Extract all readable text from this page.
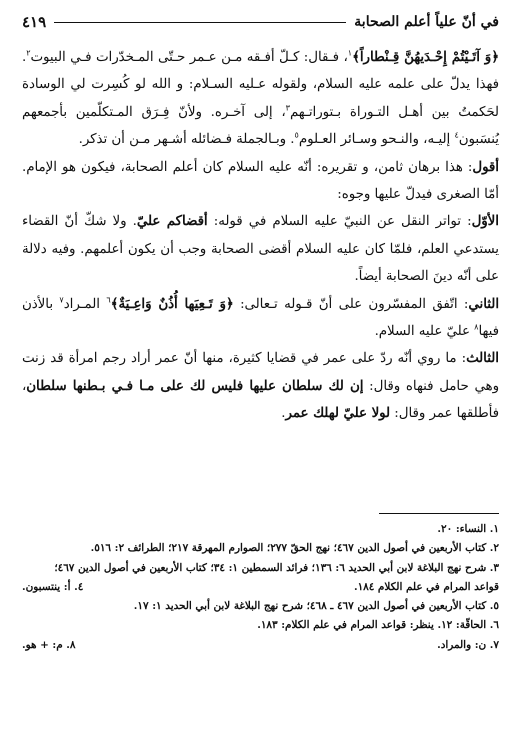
في أنّ علياً أعلم الصحابة
٤١٩

﴿وَ آتَـيْتُمْ إِحْـدَيهُنَّ قِـنْطاراً﴾$^١$، فـقال: كـلّ أفـقه مـن عـمر حـتّى المـخدّرات فـي البيوت$^٢$. فهذا يدلّ على علمه عليه السلام، ولقوله عـليه السـلام: و الله لو كُسِرت لي الوسادة لحَكمتُ بين أهـل التـوراة بـتوراتـهم$^٣$، إلى آخـره. ولأنّ فِـرَق المـتكلّمين بأجمعهم يُنسَبون$^٤$ إليـه، والنـحو وسـائر العـلوم$^٥$. وبـالجملة فـضائله أشـهر مـن أن تذكر.

أقول: هذا برهان ثامن، و تقريره: أنّه عليه السلام كان أعلم الصحابة، فيكون هو الإمام. أمّا الصغرى فيدلّ عليها وجوه:

الأوّل: تواتر النقل عن النبيّ عليه السلام في قوله: أقضاكم عليّ. ولا شكّ أنّ القضاء يستدعي العلم، فلمّا كان عليه السلام أقضى الصحابة وجب أن يكون أعلمهم. وفيه دلالة على أنّه دينَ الصحابة أيضاً.

الثاني: اتّفق المفسّرون على أنّ قـوله تـعالى: ﴿وَ تَـعِيَها أُذُنٌ وَاعِـيَةٌ﴾$^٦$ المـراد$^٧$ بالأذن فيها$^٨$ عليّ عليه السلام.

الثالث: ما روي أنّه ردّ على عمر في قضايا كثيرة، منها أنّ عمر أراد رجم امرأة قد زنت وهي حامل فنهاه وقال: إن لك سلطان عليها فليس لك على مـا فـي بـطنها سلطان، فأطلقها عمر وقال: لولا عليّ لهلك عمر.

١. النساء: ٢٠.
٢. كتاب الأربعين في أصول الدين ٤٦٧؛ نهج الحقّ ٢٧٧؛ الصوارم المهرقة ٢١٧؛ الطرائف ٢: ٥١٦.
٣. شرح نهج البلاغة لابن أبي الحديد ٦: ١٣٦؛ فرائد السمطين ١: ٣٤؛ كتاب الأربعين في أصول الدين ٤٦٧؛
قواعد المرام في علم الكلام ١٨٤.
٤. أ: ينتسبون.
٥. كتاب الأربعين في أصول الدين ٤٦٧ ـ ٤٦٨؛ شرح نهج البلاغة لابن أبي الحديد ١: ١٧.
٦. الحاقّة: ١٢. ينظر: قواعد المرام في علم الكلام: ١٨٣.
٧. ن: والمراد.
٨. م: + هو.
